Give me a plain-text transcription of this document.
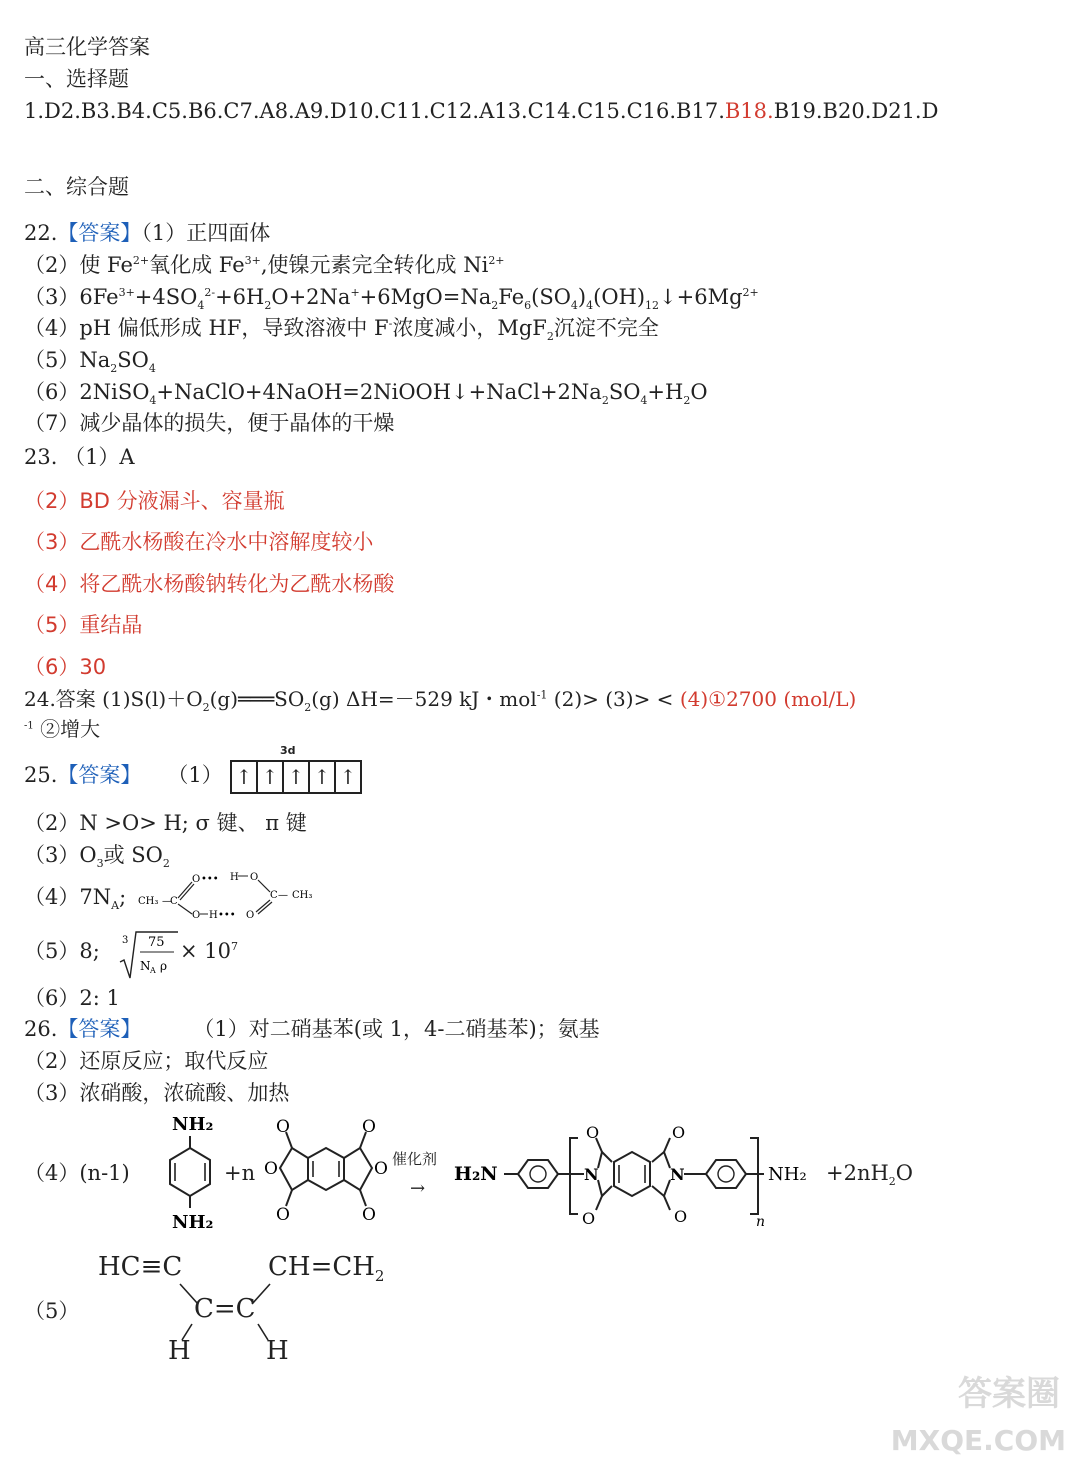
高三化学答案
一、选择题
1.D2.B3.B4.C5.B6.C7.A8.A9.D10.C11.C12.A13.C14.C15.C16.B17.B18.B19.B20.D21.D
二、综合题
22.【答案】（1）正四面体
（2）使 $Fe^{2+}$氧化成 $Fe^{3+}$,使镍元素完全转化成 $Ni^{2+}$
$(3)6Fe^{3+}+4SO_4^{2-}+6H_2O+2Na^++6MgO=Na_2Fe_6(SO_4)_4(OH)_{12}↓+6Mg^{2+}$
（4）pH 偏低形成 HF，导致溶液中 F-浓度减小，MgF$_2$沉淀不完全
$(5)Na_2SO_4$
$(6)2NiSO_4+NaClO+4NaOH=2NiOOH↓+NaCl+2Na_2SO_4+H_2O$
（7）减少晶体的损失，便于晶体的干燥
23. （1）A
（2）BD 分液漏斗、容量瓶
（3）乙酰水杨酸在冷水中溶解度较小
（4）将乙酰水杨酸钠转化为乙酰水杨酸
（5）重结晶
（6）30
24.答案 $(1)S(l)+O_2(g)═══SO_2(g)$ ΔH=－529 kJ・mol$^{-1}$ (2)> (3)> < (4)①2700 (mol/L)
$^{-1}$ ②增大
25.【答案】 （1）
3d
↑ ↑ ↑ ↑ ↑
（2）N >O> H; σ 键、 π 键
$(3)O_3$或 $SO_2$
$(4)7N_A$; CH₃ —
C
O ••• H O
C — CH₃
O H ••• O
（5）8; 3 75
N A ρ
× $10^7$
（6）2: 1
26.【答案】 （1）对二硝基苯(或 1，4-二硝基苯)；氨基
（2）还原反应；取代反应
（3）浓硝酸，浓硫酸、加热
（4）(n-1)
NH₂
NH₂
+n
O
O
O
O
O
O
催化剂
→
H₂N	N
O
O
O
O
N
n
$NH_2 +2nH_2O$
（5）
HC≡C	$CH=CH_2$
C=C
H	H
答案圈
MXQE.COM
